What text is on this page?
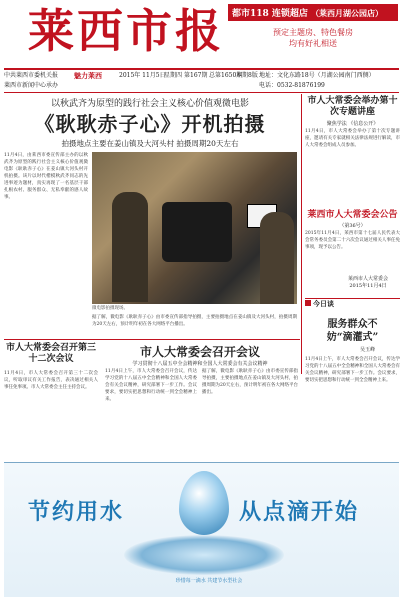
莱西市报 都市118 连锁超店 （莱西月湖公园店）
预定主题房、特色餐房
均有好礼相送
中共莱西市委机关报
莱西市新闻中心承办
魅力莱西	2015年 11月5日
星期四 第167期 总第1650期
本期8版 地址：文化东路18号（月湖公园南门西侧）
电话：0532-81876199
以秋武齐为原型的践行社会主义核心价值观微电影
《耿耿赤子心》开机拍摄
拍摄地点主要在姜山镇及大河头村 拍摄周期20天左右
11月4日，由莱西市委宣传部主办的以秋武齐为原型的践行社会主义核心价值观微电影《耿耿赤子心》在姜山镇大河头村开机拍摄。该片以时代楷模秋武齐同志的先进事迹为题材，真实再现了一名基层干部扎根农村、服务群众、无私奉献的感人故事。
微电影拍摄现场。
据了解，微电影《耿耿赤子心》由市委宣传部指导拍摄，主要拍摄地点在姜山镇及大河头村，拍摄周期为20天左右，预计明年初在各大网络平台播出。
市人大常委会举办第十次专题讲座
聚焦学法 《信息公开》
11月4日，市人大常委会举办了第十次专题讲座，邀请有关专家就相关法律法规进行解读，市人大常委会组成人员参加。
莱西市人大常委会公告
（第36号）
2015年11月4日，莱西市第十七届人民代表大会常务委员会第二十六次会议通过相关人事任免事项，现予以公告。
莱西市人大常委会
2015年11月4日
今日谈
服务群众不妨“滴灌式”
吴玉峰
11月4日上午，市人大常委会召开会议，传达学习党的十八届五中全会精神和全国人大常委会有关会议精神，研究部署下一步工作。会议要求，要切实把思想和行动统一到全会精神上来。
市人大常委会召开第三十二次会议
11月4日，市人大常委会召开第三十二次会议，听取审议有关工作报告，表决通过相关人事任免事项。市人大常委会主任主持会议。
市人大常委会召开会议
学习贯彻十八届五中全会精神和全国人大常委会有关会议精神
11月4日上午，市人大常委会召开会议，传达学习党的十八届五中全会精神和全国人大常委会有关会议精神，研究部署下一步工作。会议要求，要切实把思想和行动统一到全会精神上来。
据了解，微电影《耿耿赤子心》由市委宣传部指导拍摄，主要拍摄地点在姜山镇及大河头村，拍摄周期为20天左右，预计明年初在各大网络平台播出。
节约用水	从点滴开始
珍惜每一滴水 共建节水型社会
